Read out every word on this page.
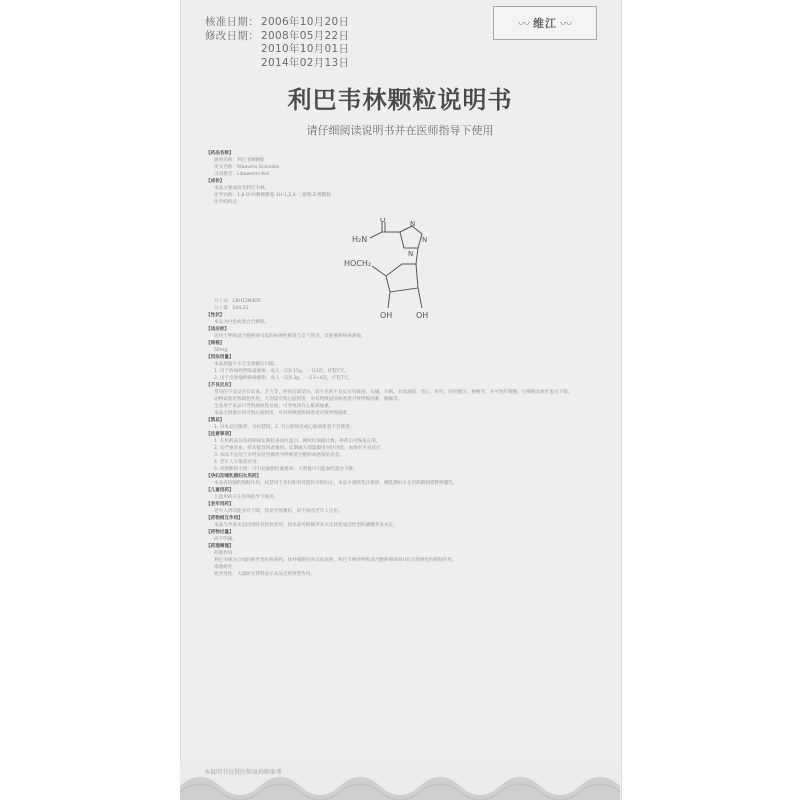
核准日期： 2006年10月20日
修改日期： 2008年05月22日
2010年10月01日
2014年02月13日
〰 维江 〰
利巴韦林颗粒说明书
请仔细阅读说明书并在医师指导下使用
【药品名称】
通用名称：利巴韦林颗粒
英文名称：Ribavirin Granules
汉语拼音：Libaweilin Keli
【成份】
本品主要成份为利巴韦林。
化学名称：1-β-D-呋喃核糖基-1H-1,2,4-三氮唑-3-羧酰胺
化学结构式：
H₂N
O	N
N
N
HOCH₂
OH	OH
分子式：C8H12N4O5
分子量：244.21
【性状】
本品为白色或类白色颗粒。
【适应症】
适用于呼吸道合胞病毒引起的病毒性肺炎与支气管炎，皮肤疱疹病毒感染。
【规格】
50mg
【用法用量】
本品用温开水完全溶解后口服。
1. 用于病毒性呼吸道感染：成人一次0.15g，一日3次，疗程7天。
2. 用于皮肤疱疹病毒感染：成人一次0.3g，一日3~4次，疗程7天。
【不良反应】
常见的不良反应有贫血、乏力等，停药后即消失。较少见的不良反应有疲倦、头痛、失眠、食欲减退、恶心、呕吐、轻度腹泻、便秘等，并可致红细胞、白细胞及血红蛋白下降。
动物试验有致畸胎作用，大剂量可致心脏损害，对有呼吸道疾病患者可致呼吸困难、胸痛等。
全身用于本品可导致溶血性贫血，可导致原有心脏病加重。
本品大剂量应用可致心脏损害，对有呼吸道疾病患者可致呼吸困难。
【禁忌】
1. 对本品过敏者、孕妇禁用。2. 有心脏病史或心脏病患者不宜使用。
【注意事项】
1. 在用药前及用药期间定期检查血红蛋白、网织红细胞计数，停药后可恢复正常。
2. 有严重贫血、肝功能异常者慎用。长期或大剂量服用对肝功能、血象有不良反应。
3. 本品不宜用于未经实验室确诊为呼吸道合胞病毒感染的患者。
4. 老年人不推荐应用。
5. 对诊断的干扰：可引起血胆红素增高，大剂量可引起血红蛋白下降。
【孕妇及哺乳期妇女用药】
本品有较强的致畸作用，故禁用于孕妇和有可能怀孕的妇女。本品少量经乳汁排泄，哺乳期妇女在用药期间需暂停哺乳。
【儿童用药】
儿童用药应在医师指导下使用。
【老年用药】
老年人肾功能多有下降，容易导致蓄积，故不推荐老年人应用。
【药物相互作用】
本品与齐多夫定同用时有拮抗作用，因本品可抑制齐多夫定转变成活性型的磷酸齐多夫定。
【药物过量】
尚不明确。
【药理毒理】
药理作用
利巴韦林为合成的核苷类抗病毒药。体外细胞培养试验表明，利巴韦林对呼吸道合胞病毒(RSV)具有选择性的抑制作用。
毒理研究
致突变性：大量研究资料显示本品无致突变作用。
本说明书仅供医师及药师参考
